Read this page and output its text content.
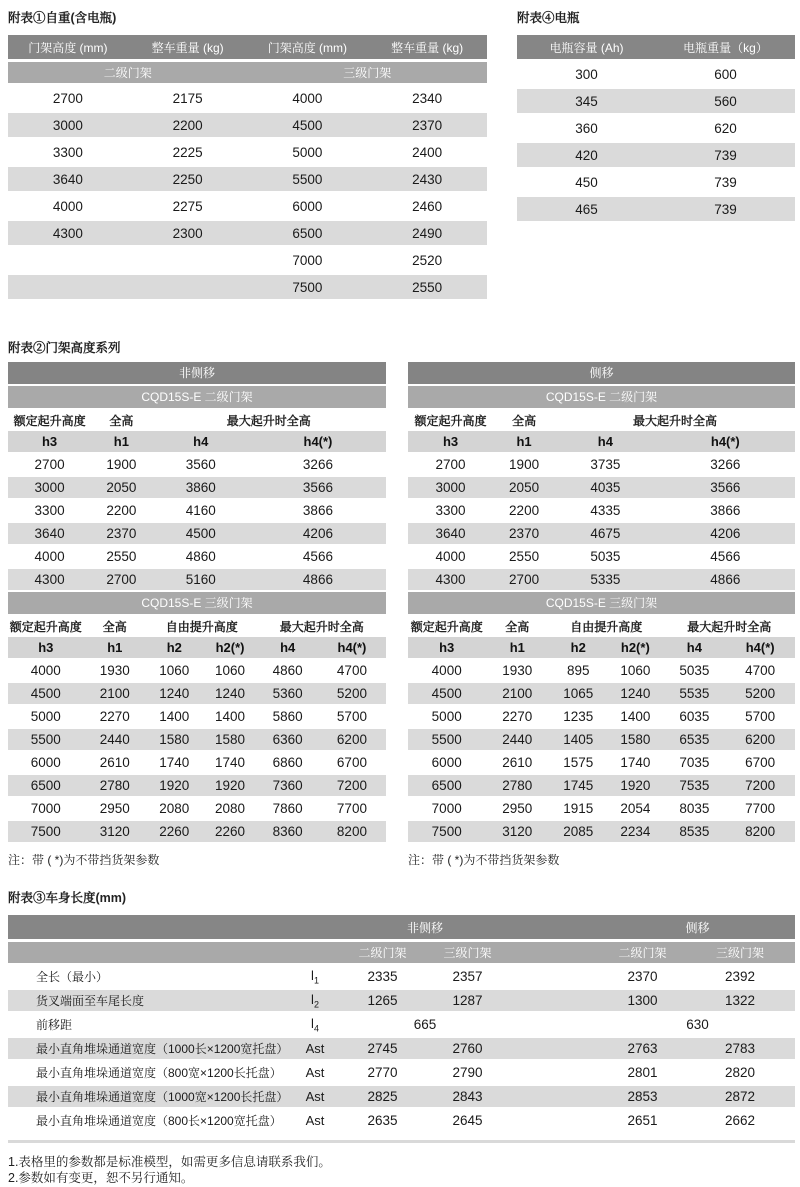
附表①自重(含电瓶)
门架高度 (mm)	整车重量 (kg)	门架高度 (mm)	整车重量 (kg)
二级门架		三级门架	
2700	2175	4000	2340
3000	2200	4500	2370
3300	2225	5000	2400
3640	2250	5500	2430
4000	2275	6000	2460
4300	2300	6500	2490
		7000	2520
		7500	2550
附表④电瓶
电瓶容量 (Ah)	电瓶重量（kg）
300	600
345	560
360	620
420	739
450	739
465	739
附表②门架高度系列
非侧移
CQD15S-E 二级门架
额定起升高度	全高	最大起升时全高	
h3	h1	h4	h4(*)
2700	1900	3560	3266
3000	2050	3860	3566
3300	2200	4160	3866
3640	2370	4500	4206
4000	2550	4860	4566
4300	2700	5160	4866
CQD15S-E 三级门架
额定起升高度	全高	自由提升高度		最大起升时全高	
h3	h1	h2	h2(*)	h4	h4(*)
4000	1930	1060	1060	4860	4700
4500	2100	1240	1240	5360	5200
5000	2270	1400	1400	5860	5700
5500	2440	1580	1580	6360	6200
6000	2610	1740	1740	6860	6700
6500	2780	1920	1920	7360	7200
7000	2950	2080	2080	7860	7700
7500	3120	2260	2260	8360	8200
注：带 ( *)为不带挡货架参数
侧移
CQD15S-E 二级门架
额定起升高度	全高	最大起升时全高	
h3	h1	h4	h4(*)
2700	1900	3735	3266
3000	2050	4035	3566
3300	2200	4335	3866
3640	2370	4675	4206
4000	2550	5035	4566
4300	2700	5335	4866
CQD15S-E 三级门架
额定起升高度	全高	自由提升高度		最大起升时全高	
h3	h1	h2	h2(*)	h4	h4(*)
4000	1930	895	1060	5035	4700
4500	2100	1065	1240	5535	5200
5000	2270	1235	1400	6035	5700
5500	2440	1405	1580	6535	6200
6000	2610	1575	1740	7035	6700
6500	2780	1745	1920	7535	7200
7000	2950	1915	2054	8035	7700
7500	3120	2085	2234	8535	8200
注：带 ( *)为不带挡货架参数
附表③车身长度(mm)
		非侧移			侧移	
		二级门架	三级门架		二级门架	三级门架
全长（最小）	$l_1$	2335	2357		2370	2392
货叉端面至车尾长度	$l_2$	1265	1287		1300	1322
前移距	$l_4$	665			630	
最小直角堆垛通道宽度（1000长×1200宽托盘）	Ast	2745	2760		2763	2783
最小直角堆垛通道宽度（800宽×1200长托盘）	Ast	2770	2790		2801	2820
最小直角堆垛通道宽度（1000宽×1200长托盘）	Ast	2825	2843		2853	2872
最小直角堆垛通道宽度（800长×1200宽托盘）	Ast	2635	2645		2651	2662
1.表格里的参数都是标准模型，如需更多信息请联系我们。
2.参数如有变更，恕不另行通知。
